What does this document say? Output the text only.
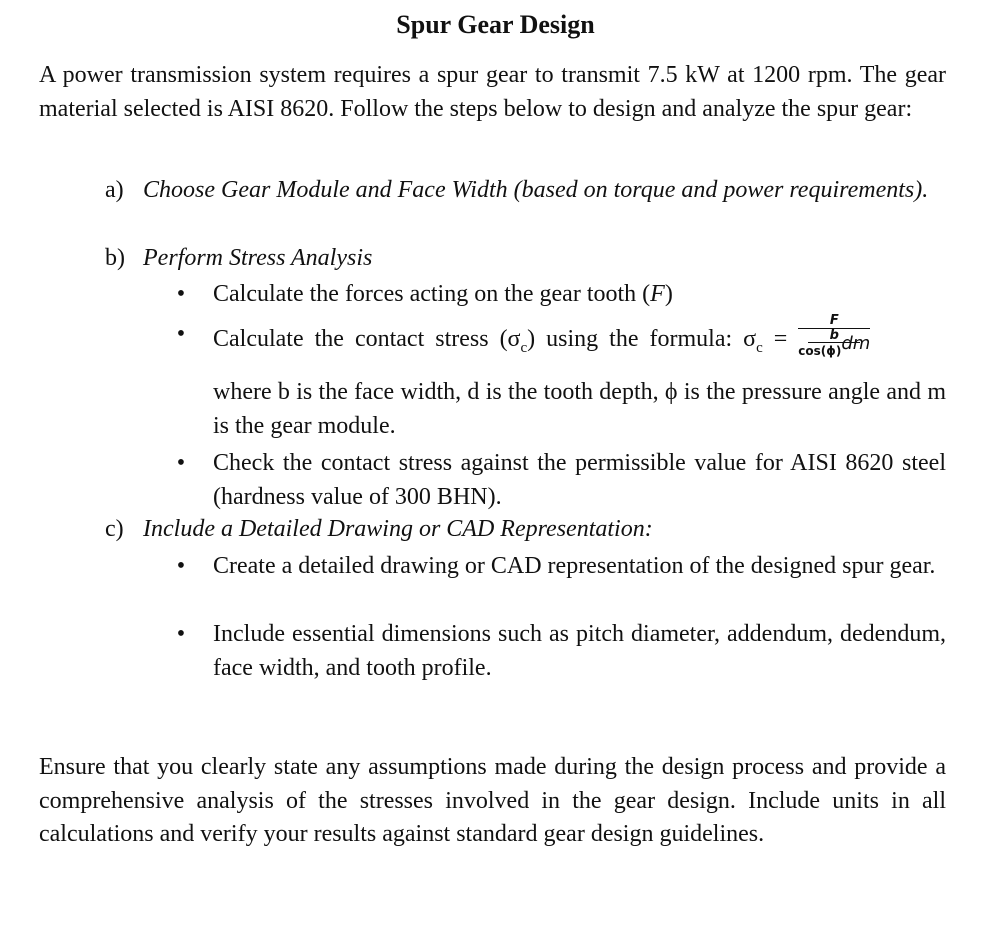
Spur Gear Design
A power transmission system requires a spur gear to transmit 7.5 kW at 1200 rpm. The gear material selected is AISI 8620. Follow the steps below to design and analyze the spur gear:
a) Choose Gear Module and Face Width (based on torque and power requirements).
b) Perform Stress Analysis
• Calculate the forces acting on the gear tooth (F)
• Calculate the contact stress $(\sigma_c)$ using the formula: $\sigma_c = F$
b
cos(ϕ)dm
where b is the face width, d is the tooth depth, ϕ is the pressure angle and m is the gear module.
• Check the contact stress against the permissible value for AISI 8620 steel (hardness value of 300 BHN).
c) Include a Detailed Drawing or CAD Representation:
• Create a detailed drawing or CAD representation of the designed spur gear.
• Include essential dimensions such as pitch diameter, addendum, dedendum, face width, and tooth profile.
Ensure that you clearly state any assumptions made during the design process and provide a comprehensive analysis of the stresses involved in the gear design. Include units in all calculations and verify your results against standard gear design guidelines.
